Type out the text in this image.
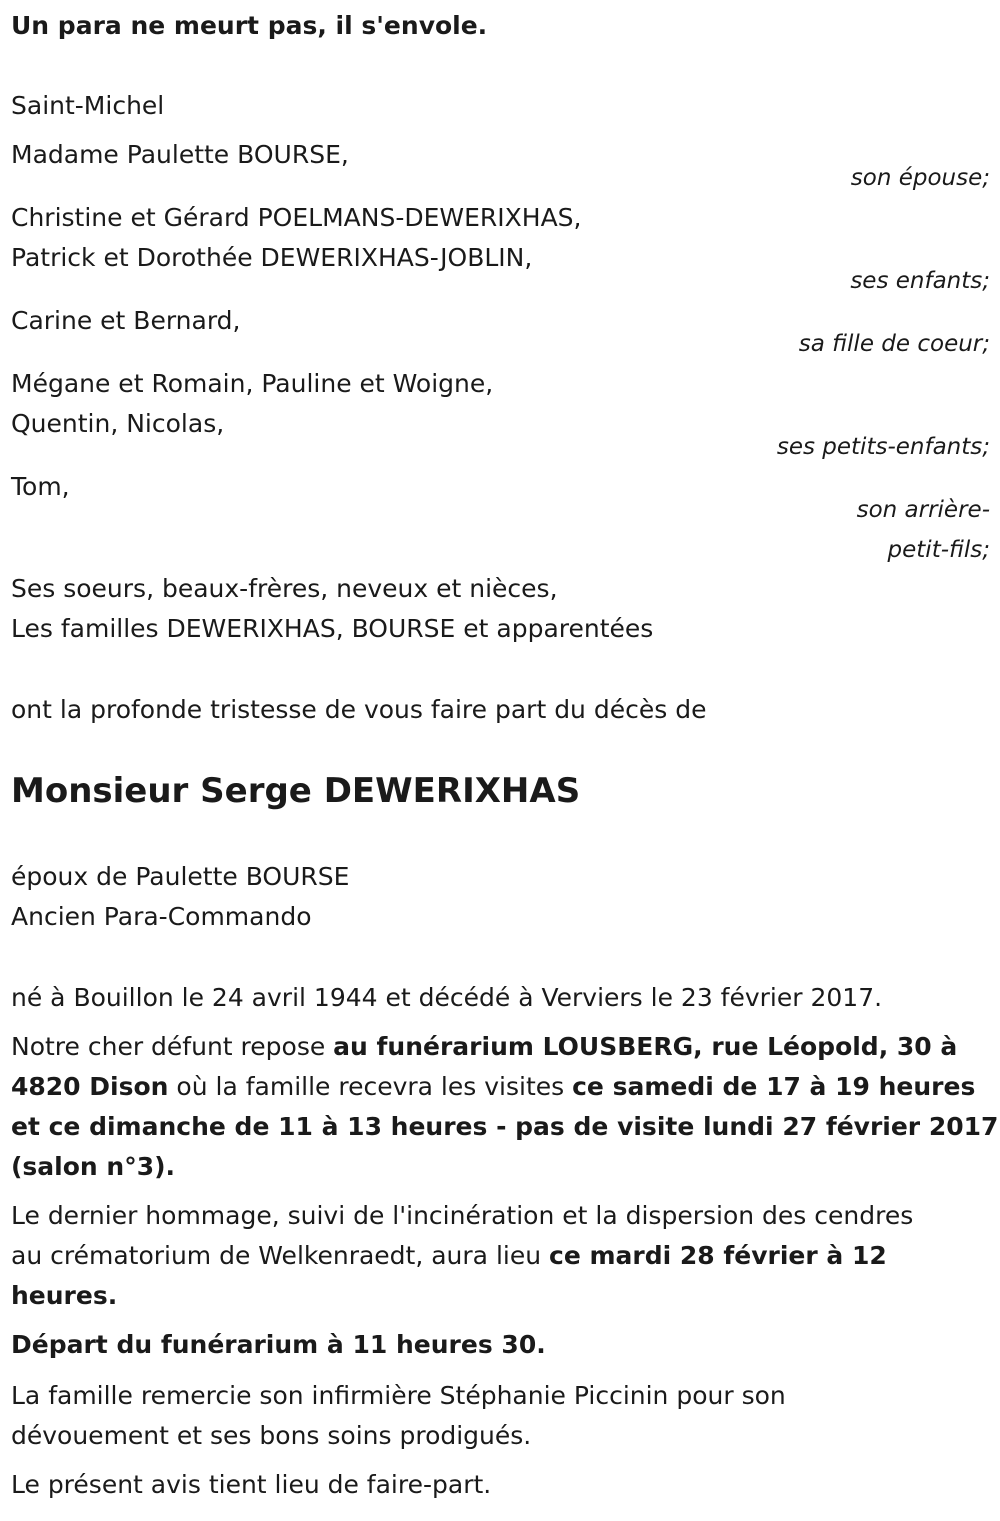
Un para ne meurt pas, il s'envole.
Saint-Michel
Madame Paulette BOURSE,
son épouse;
Christine et Gérard POELMANS-DEWERIXHAS,
Patrick et Dorothée DEWERIXHAS-JOBLIN,
ses enfants;
Carine et Bernard,
sa fille de coeur;
Mégane et Romain, Pauline et Woigne,
Quentin, Nicolas,
ses petits-enfants;
Tom,
son arrière-
petit-fils;
Ses soeurs, beaux-frères, neveux et nièces,
Les familles DEWERIXHAS, BOURSE et apparentées
ont la profonde tristesse de vous faire part du décès de
Monsieur Serge DEWERIXHAS
époux de Paulette BOURSE
Ancien Para-Commando
né à Bouillon le 24 avril 1944 et décédé à Verviers le 23 février 2017.
Notre cher défunt repose au funérarium LOUSBERG, rue Léopold, 30 à
4820 Dison où la famille recevra les visites ce samedi de 17 à 19 heures
et ce dimanche de 11 à 13 heures - pas de visite lundi 27 février 2017
(salon n°3).
Le dernier hommage, suivi de l'incinération et la dispersion des cendres
au crématorium de Welkenraedt, aura lieu ce mardi 28 février à 12
heures.
Départ du funérarium à 11 heures 30.
La famille remercie son infirmière Stéphanie Piccinin pour son
dévouement et ses bons soins prodigués.
Le présent avis tient lieu de faire-part.
